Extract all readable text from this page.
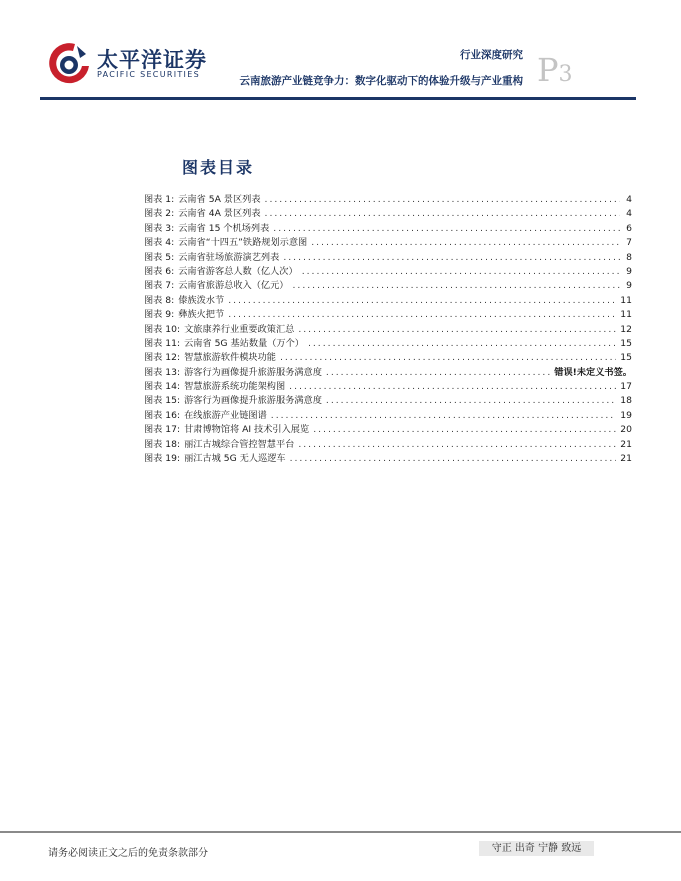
太平洋证券
PACIFIC SECURITIES
行业深度研究
云南旅游产业链竞争力：数字化驱动下的体验升级与产业重构 P3
图表目录
图表 1: 云南省 5A 景区列表 .....	4
图表 2: 云南省 4A 景区列表 .....	4
图表 3: 云南省 15 个机场列表 .....	6
图表 4: 云南省“十四五”铁路规划示意图 .....	7
图表 5: 云南省驻场旅游演艺列表 .....	8
图表 6: 云南省游客总人数（亿人次） .....	9
图表 7: 云南省旅游总收入（亿元） .....	9
图表 8: 傣族泼水节 .....	11
图表 9: 彝族火把节 .....	11
图表 10: 文旅康养行业重要政策汇总 .....	12
图表 11: 云南省 5G 基站数量（万个） .....	15
图表 12: 智慧旅游软件模块功能 .....	15
图表 13: 游客行为画像提升旅游服务满意度 .....	错误!未定义书签。
图表 14: 智慧旅游系统功能架构图 .....	17
图表 15: 游客行为画像提升旅游服务满意度 .....	18
图表 16: 在线旅游产业链图谱 .....	19
图表 17: 甘肃博物馆将 AI 技术引入展览 .....	20
图表 18: 丽江古城综合管控智慧平台 .....	21
图表 19: 丽江古城 5G 无人巡逻车 .....	21
请务必阅读正文之后的免责条款部分	守正 出奇 宁静 致远
